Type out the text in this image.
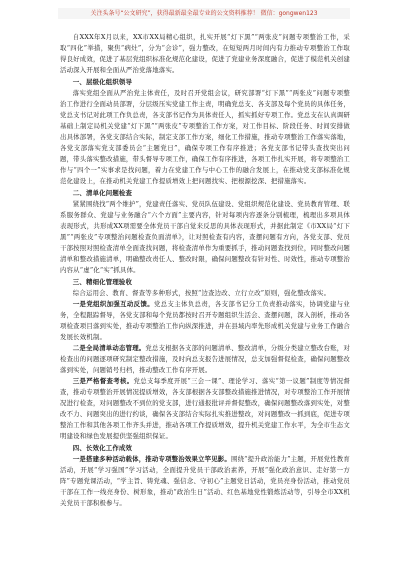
关注头条号“公文研究”，获得最新最全最专业的公文资料推荐！ 微信：gongwen123

自XXX年X月以来，XX市XX局精心组织，扎实开展“灯下黑”“两张皮”问题专项整治工作，采取“四化”举措，聚焦“病灶”，分为“会诊”，强力整改，在短短两月时间内有力推动专项整治工作取得良好成效，促进了基层党组织标准化规范化建设，促进了党建业务深度融合，促进了模范机关创建活动深入开展和全面从严治党落地落实。

一、层级化组织领导

落实党组全面从严治党主体责任，及时召开党组会议，研究部署“灯下黑”“两张皮”问题专项整治工作进行全面动员部署，分层级压实党建工作主责，明确党总支、各支部及每个党员的具体任务，党总支书记对此项工作负总责，各支部书记作为具体责任人，抓实抓好专项工作。党总支在认真调研基础上制定局机关党建“灯下黑”“两张皮”专项整治工作方案，对工作目标、阶段任务、时间安排做出具体部署，各党支部结合实际，制定支部工作方案，细化工作措施，推动专项整治工作落实落地，各党支部落实党支部委员会“主题党日”，确保专项工作有序推进；各党支部书记带头查找突出问题，带头落实整改措施，带头督导专项工作，确保工作有序推进，各项工作扎实开展，将专项整治工作与“四个一”实事求是找问题，着力在党建工作与中心工作的融合发展上，在推动党支部标准化规范化建设上，在推动机关党建工作提质增效上把问题找实、把根源挖深、把措施落实。

二、清单化问题检查

紧紧围绕找“两个维护”，党建责任落实、党员队伍建设、党组织规范化建设、党员教育管理、联系服务群众、党建与业务融合“六个方面”主要内容，针对每项内容逐条分别梳理，梳理出多项具体表现形式，共形成XX项需要全体党员干部自觉来反思的具体表现形式，并据此制定《市XX局“灯下黑”“两张皮”专项整治问题检查负面清单》，让对照检查有内容，查摆问题有方向，各党支部、党员干部按照对照检查清单全面查找问题，将检查清单作为重要抓手，推动问题查找到位，同时整改问题清单和整改措施清单，明确整改责任人、整改时限，确保问题整改有针对性、时效性，推动专项整治内容从“虚”化“实”抓具体。

三、精细化管理验收

综合运用会、教育、督查等多种形式，按照“边查边改、立行立改”原则，强化整改落实。

一是党组织加强互动反馈。党总支主体负总责，各支部书记分工负责推动落实，协调党建与业务，全程跟踪督导，各党支部和每个党员都按时召开专题组织生活会、查摆问题，深入剖析，推动各项检查项目落到实处，推动专项整治工作向纵深推进，并在县域内率先形成机关党建与业务工作融合发展长效机制。

二是全局清单动态管理。党总支根据各支部的问题清单、整改清单，分级分类建立整改台账，对检查出的问题逐项研究制定整改措施，及时向总支报告进展情况，总支加强督促检查，确保问题整改落到实处，问题销号归档，推动整改工作有序开展。

三是严格督查考核。党总支每季度开展“三会一课”、理论学习、落实“第一议题”制度等情况督查，推动专项整治开展情况提质增效，各支部根据各支部整改措施推进情况，对专项整治工作开展情况进行检查，对问题整改不到位的党支部，进行通报批评并督促整改，确保问题整改落到实处，对整改不力、问题突出的进行约谈，确保各支部结合实际扎实推进整改，对问题整改一抓到底，促进专项整治工作和其他各项工作齐头并进，推动各项工作提质增效，提升机关党建工作水平，为全市生态文明建设和绿色发展提供坚强组织保证。

四、长效化工作成效

一是搭建多种活动载体，推动专项整治效果立竿见影。围绕“提升政治能力”主题，开展党性教育活动，开展“学习强国”学习活动，全面提升党员干部政治素养，开展“强化政治意识、走好第一方阵”专题党课活动，“学主旨、铸党魂、强信念、守初心”主题党日活动，党员亮身份活动，推动党员干部在工作一线亮身份、树形象，推动“政治生日”活动、红色基地党性锻炼活动等，引导全市XX机关党员干部积极参与。
